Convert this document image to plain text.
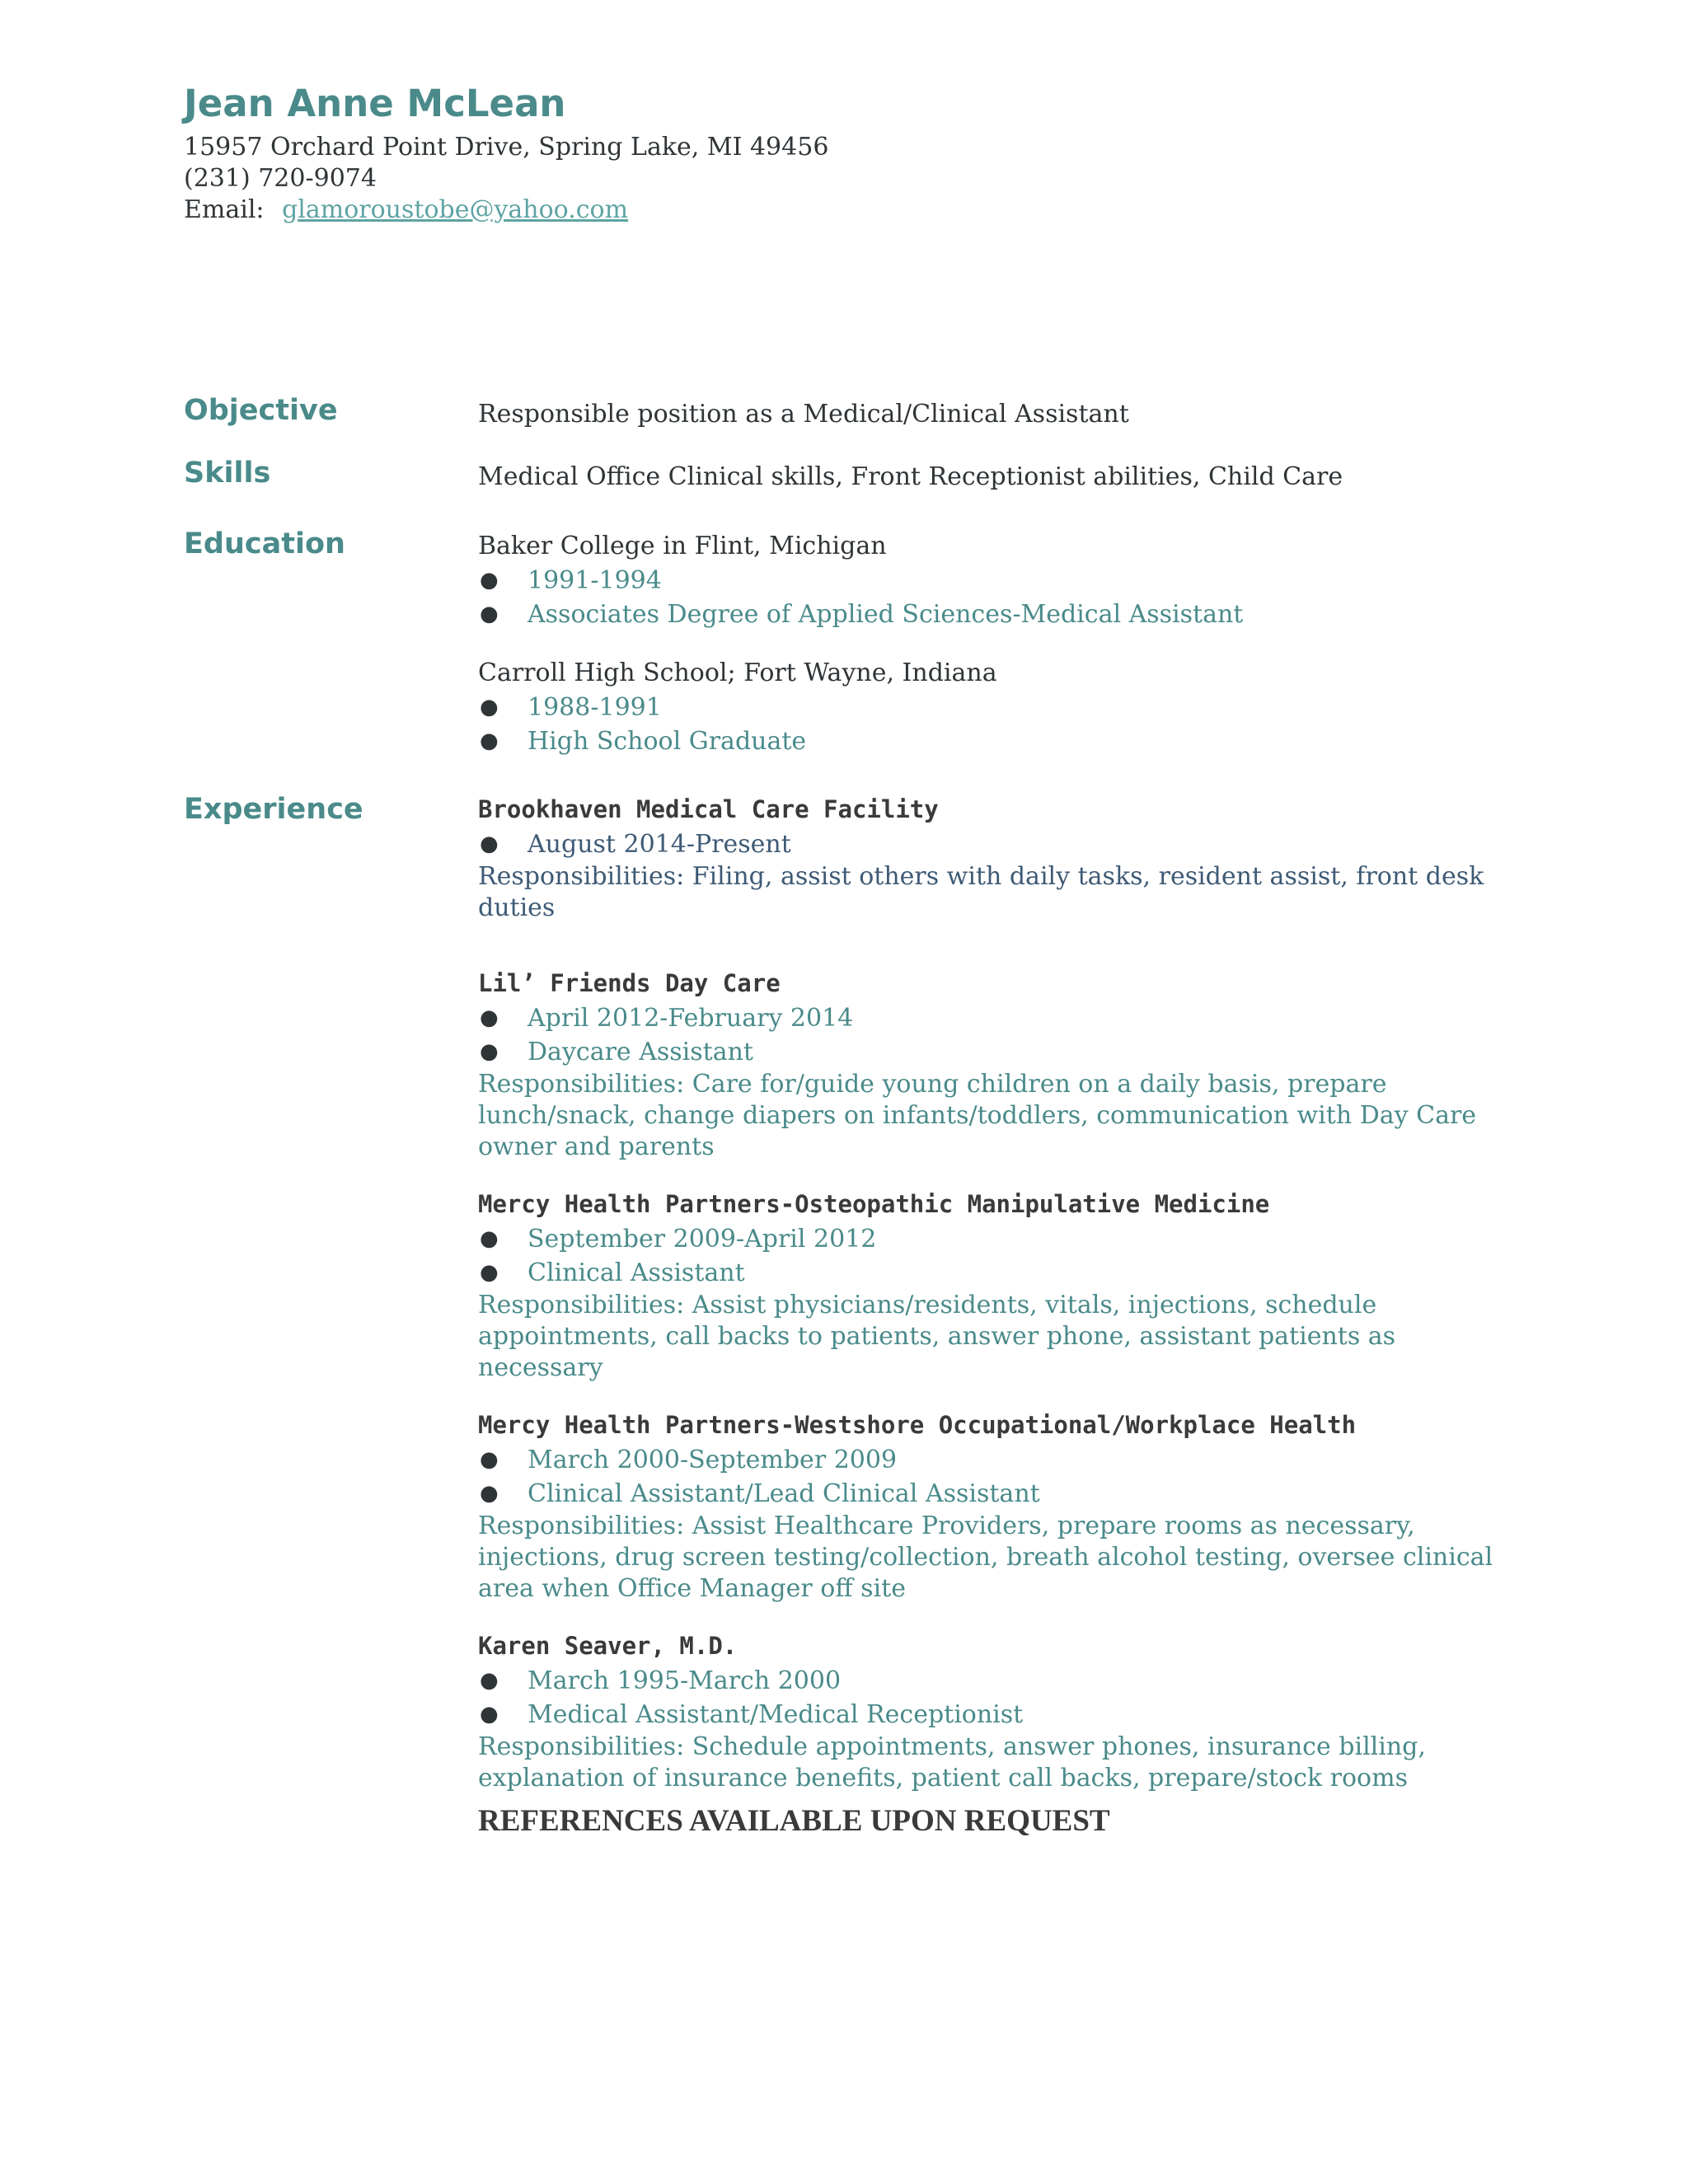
Jean Anne McLean
15957 Orchard Point Drive, Spring Lake, MI 49456
(231) 720-9074
Email: glamoroustobe@yahoo.com
Objective	Responsible position as a Medical/Clinical Assistant
Skills	Medical Office Clinical skills, Front Receptionist abilities, Child Care
Education	Baker College in Flint, Michigan
● 1991-1994
● Associates Degree of Applied Sciences-Medical Assistant
Carroll High School; Fort Wayne, Indiana
● 1988-1991
● High School Graduate
Experience	Brookhaven Medical Care Facility
● August 2014-Present
Responsibilities: Filing, assist others with daily tasks, resident assist, front desk duties
Lil’ Friends Day Care
● April 2012-February 2014
● Daycare Assistant
Responsibilities: Care for/guide young children on a daily basis, prepare lunch/snack, change diapers on infants/toddlers, communication with Day Care owner and parents
Mercy Health Partners-Osteopathic Manipulative Medicine
● September 2009-April 2012
● Clinical Assistant
Responsibilities: Assist physicians/residents, vitals, injections, schedule appointments, call backs to patients, answer phone, assistant patients as necessary
Mercy Health Partners-Westshore Occupational/Workplace Health
● March 2000-September 2009
● Clinical Assistant/Lead Clinical Assistant
Responsibilities: Assist Healthcare Providers, prepare rooms as necessary, injections, drug screen testing/collection, breath alcohol testing, oversee clinical area when Office Manager off site
Karen Seaver, M.D.
● March 1995-March 2000
● Medical Assistant/Medical Receptionist
Responsibilities: Schedule appointments, answer phones, insurance billing, explanation of insurance benefits, patient call backs, prepare/stock rooms
REFERENCES AVAILABLE UPON REQUEST
